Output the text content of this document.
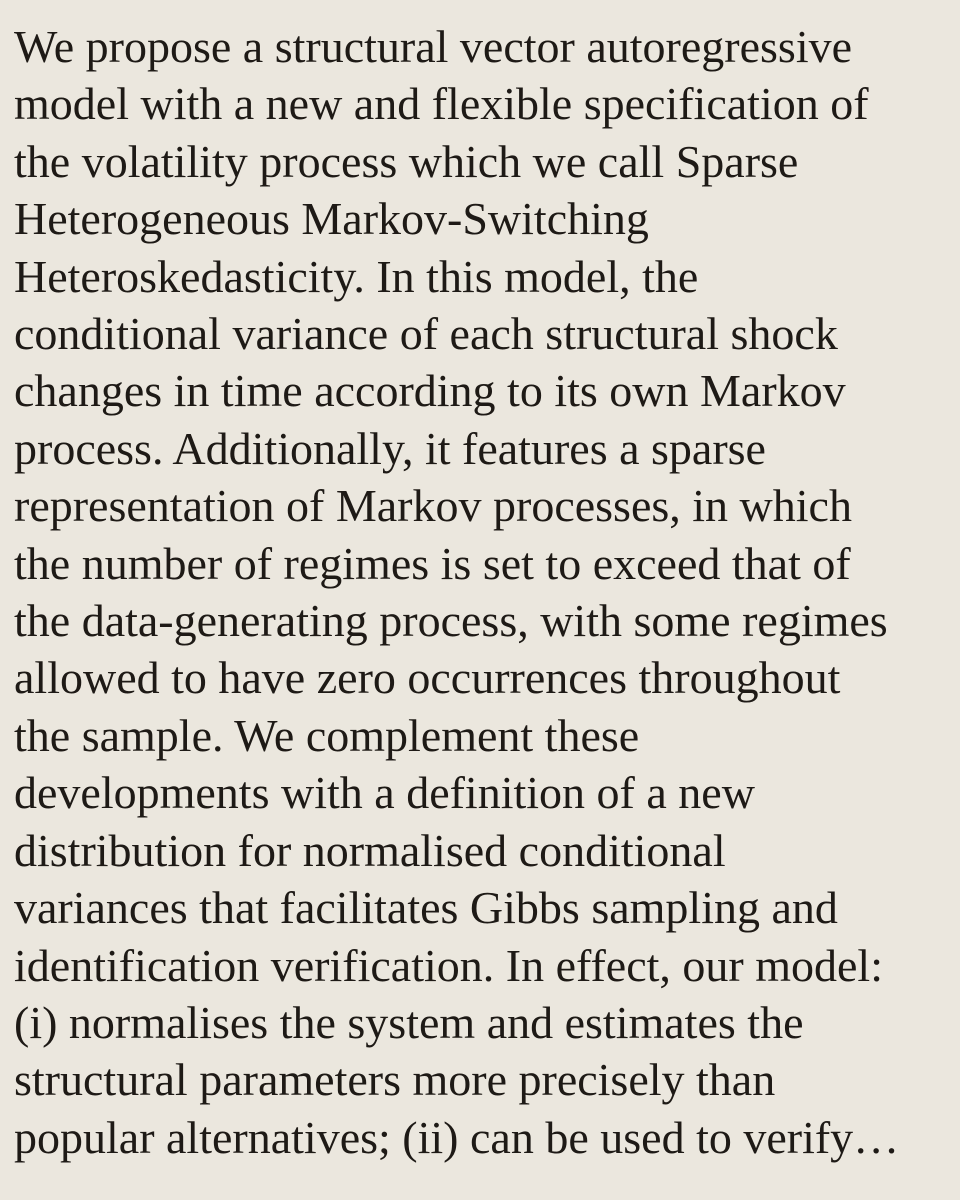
We propose a structural vector autoregressive
model with a new and flexible specification of
the volatility process which we call Sparse
Heterogeneous Markov-Switching
Heteroskedasticity. In this model, the
conditional variance of each structural shock
changes in time according to its own Markov
process. Additionally, it features a sparse
representation of Markov processes, in which
the number of regimes is set to exceed that of
the data-generating process, with some regimes
allowed to have zero occurrences throughout
the sample. We complement these
developments with a definition of a new
distribution for normalised conditional
variances that facilitates Gibbs sampling and
identification verification. In effect, our model:
(i) normalises the system and estimates the
structural parameters more precisely than
popular alternatives; (ii) can be used to verify…
